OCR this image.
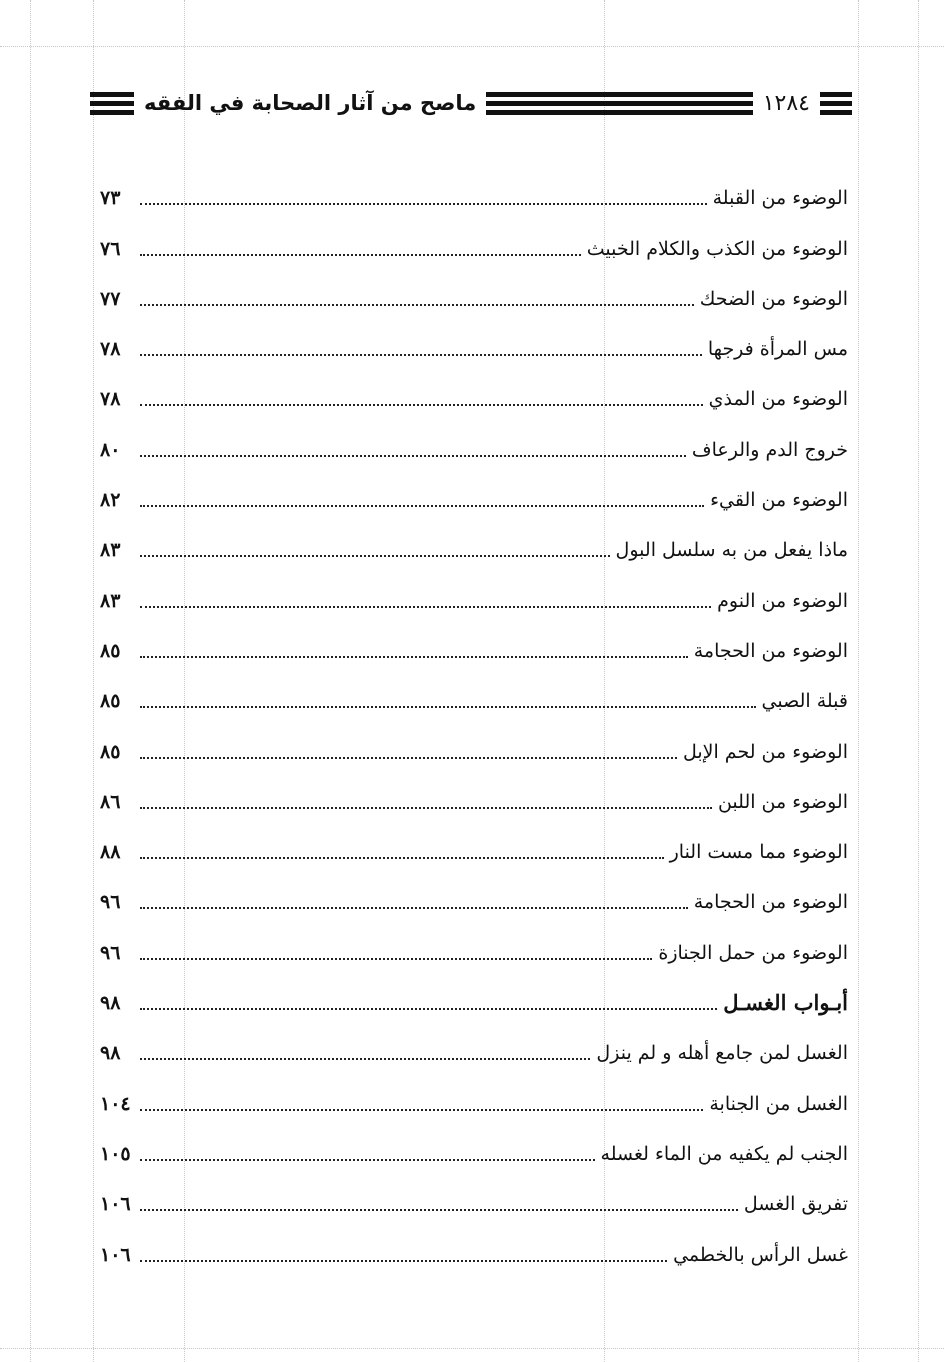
ماصح من آثار الصحابة في الفقه	١٢٨٤
الوضوء من القبلة
٧٣
الوضوء من الكذب والكلام الخبيث
٧٦
الوضوء من الضحك
٧٧
مس المرأة فرجها
٧٨
الوضوء من المذي
٧٨
خروج الدم والرعاف
٨٠
الوضوء من القيء
٨٢
ماذا يفعل من به سلسل البول
٨٣
الوضوء من النوم
٨٣
الوضوء من الحجامة
٨٥
قبلة الصبي
٨٥
الوضوء من لحم الإبل
٨٥
الوضوء من اللبن
٨٦
الوضوء مما مست النار
٨٨
الوضوء من الحجامة
٩٦
الوضوء من حمل الجنازة
٩٦
أبـواب الغسـل
٩٨
الغسل لمن جامع أهله و لم ينزل
٩٨
الغسل من الجنابة
١٠٤
الجنب لم يكفيه من الماء لغسله
١٠٥
تفريق الغسل
١٠٦
غسل الرأس بالخطمي
١٠٦
